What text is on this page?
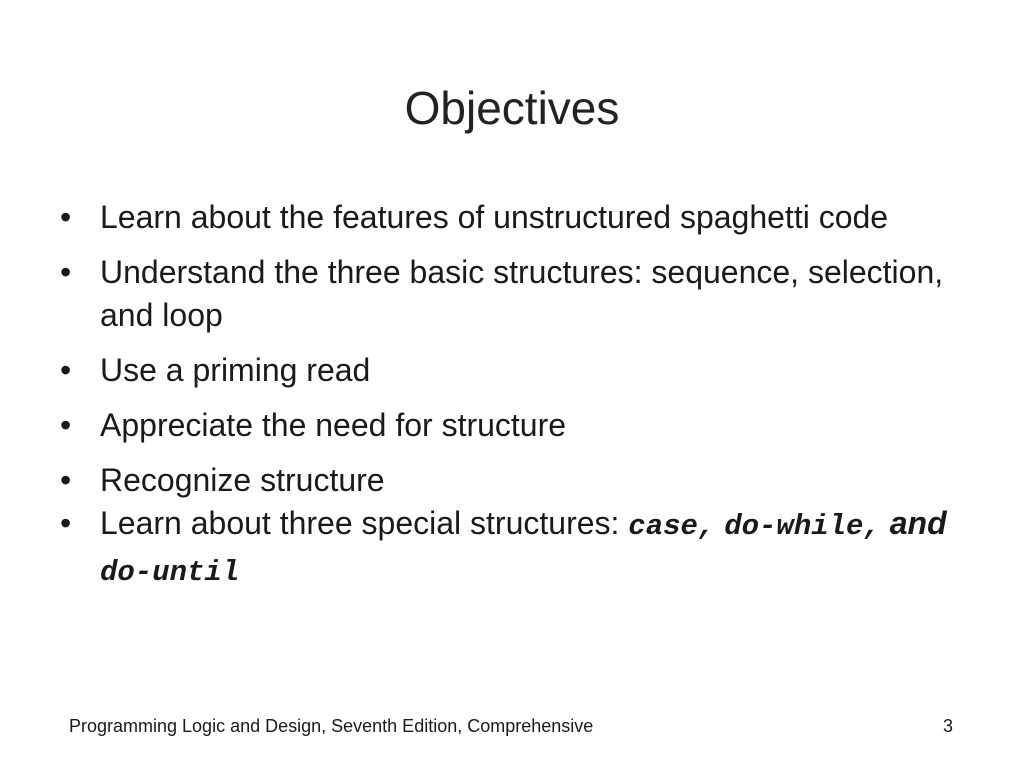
Objectives
• Learn about the features of unstructured spaghetti code
• Understand the three basic structures: sequence, selection, and loop
• Use a priming read
• Appreciate the need for structure
• Recognize structure
• Learn about three special structures: case, do-while, and do-until
Programming Logic and Design, Seventh Edition, Comprehensive	3
